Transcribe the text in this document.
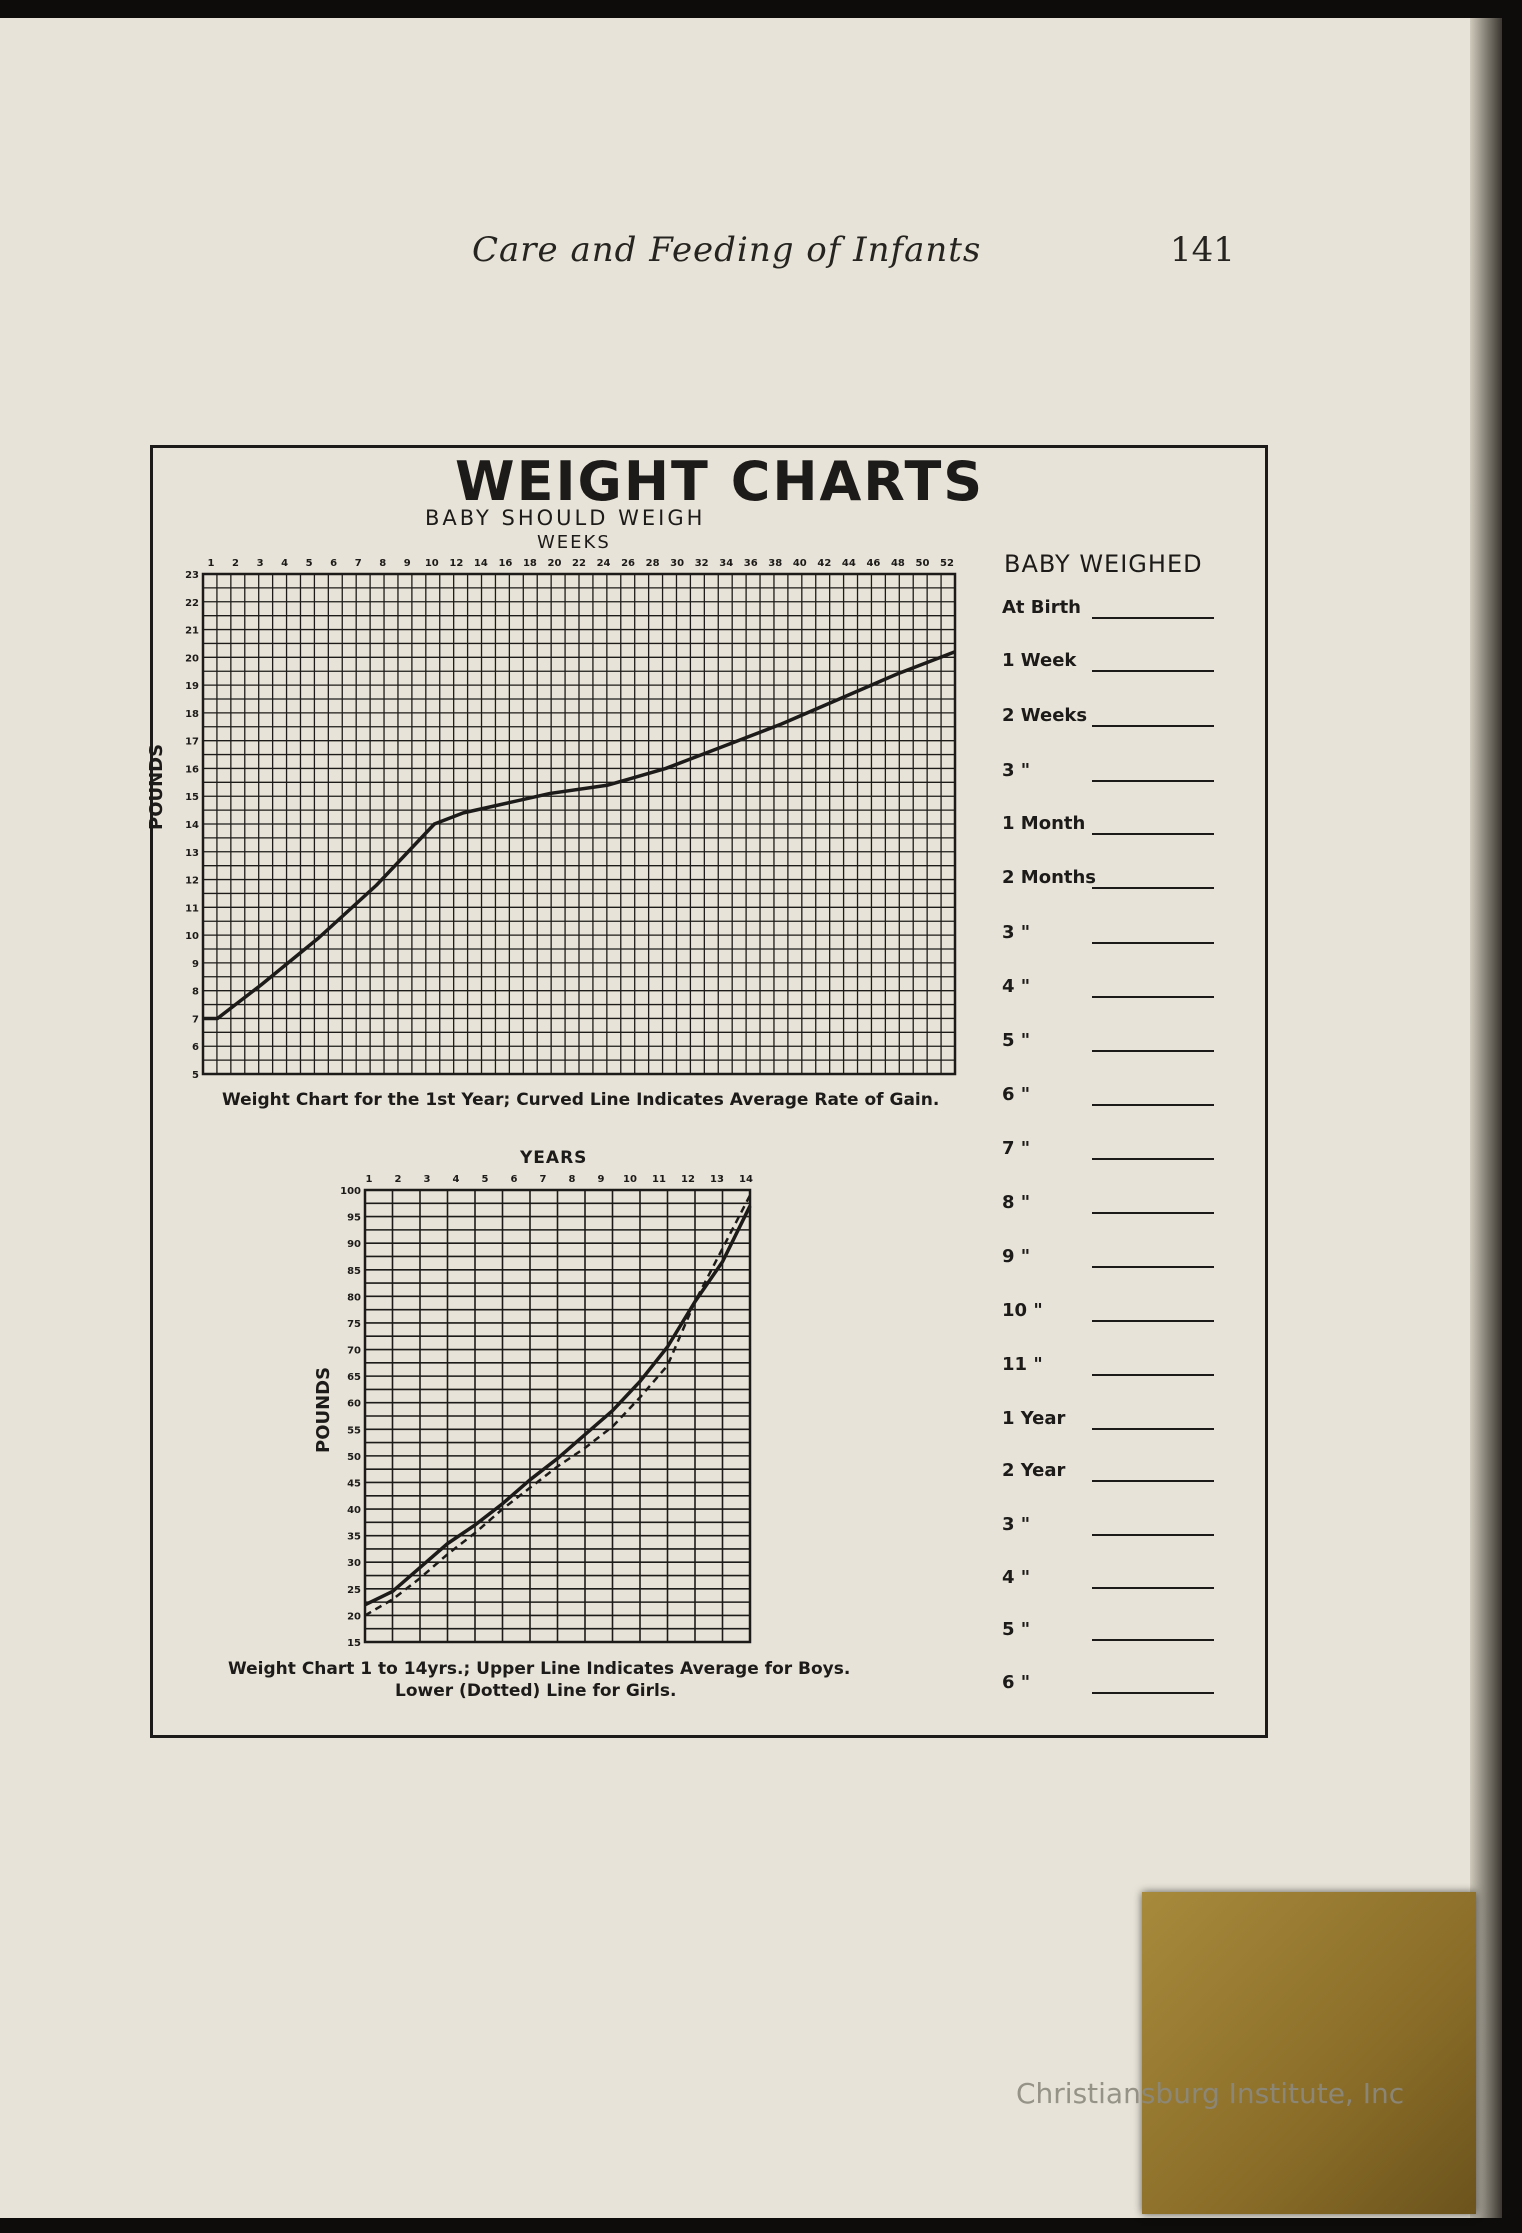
Care and Feeding of Infants	141
WEIGHT CHARTS
BABY SHOULD WEIGH
WEEKS
POUNDS
POUNDS
YEARS
Weight Chart for the 1st Year; Curved Line Indicates Average Rate of Gain.
Weight Chart 1 to 14yrs.; Upper Line Indicates Average for Boys.
Lower (Dotted) Line for Girls.
1 2 3 4 5 6 7 8 9 10 12 14 16 18 20 22 24 26 28 30 32 34 36 38 40 42 44 46 48 50 52
5
6
7
8
9
10
11
12
13
14
15
16
17
18
19
20
21
22
23
1 2 3 4 5 6 7 8 9 10 11 12 13 14
15
20
25
30
35
40
45
50
55
60
65
70
75
80
85
90
95
100
BABY WEIGHED
At Birth
1 Week
2 Weeks
3 "
1 Month
2 Months
3 "
4 "
5 "
6 "
7 "
8 "
9 "
10 "
11 "
1 Year
2 Year
3 "
4 "
5 "
6 "
Christiansburg Institute, Inc
